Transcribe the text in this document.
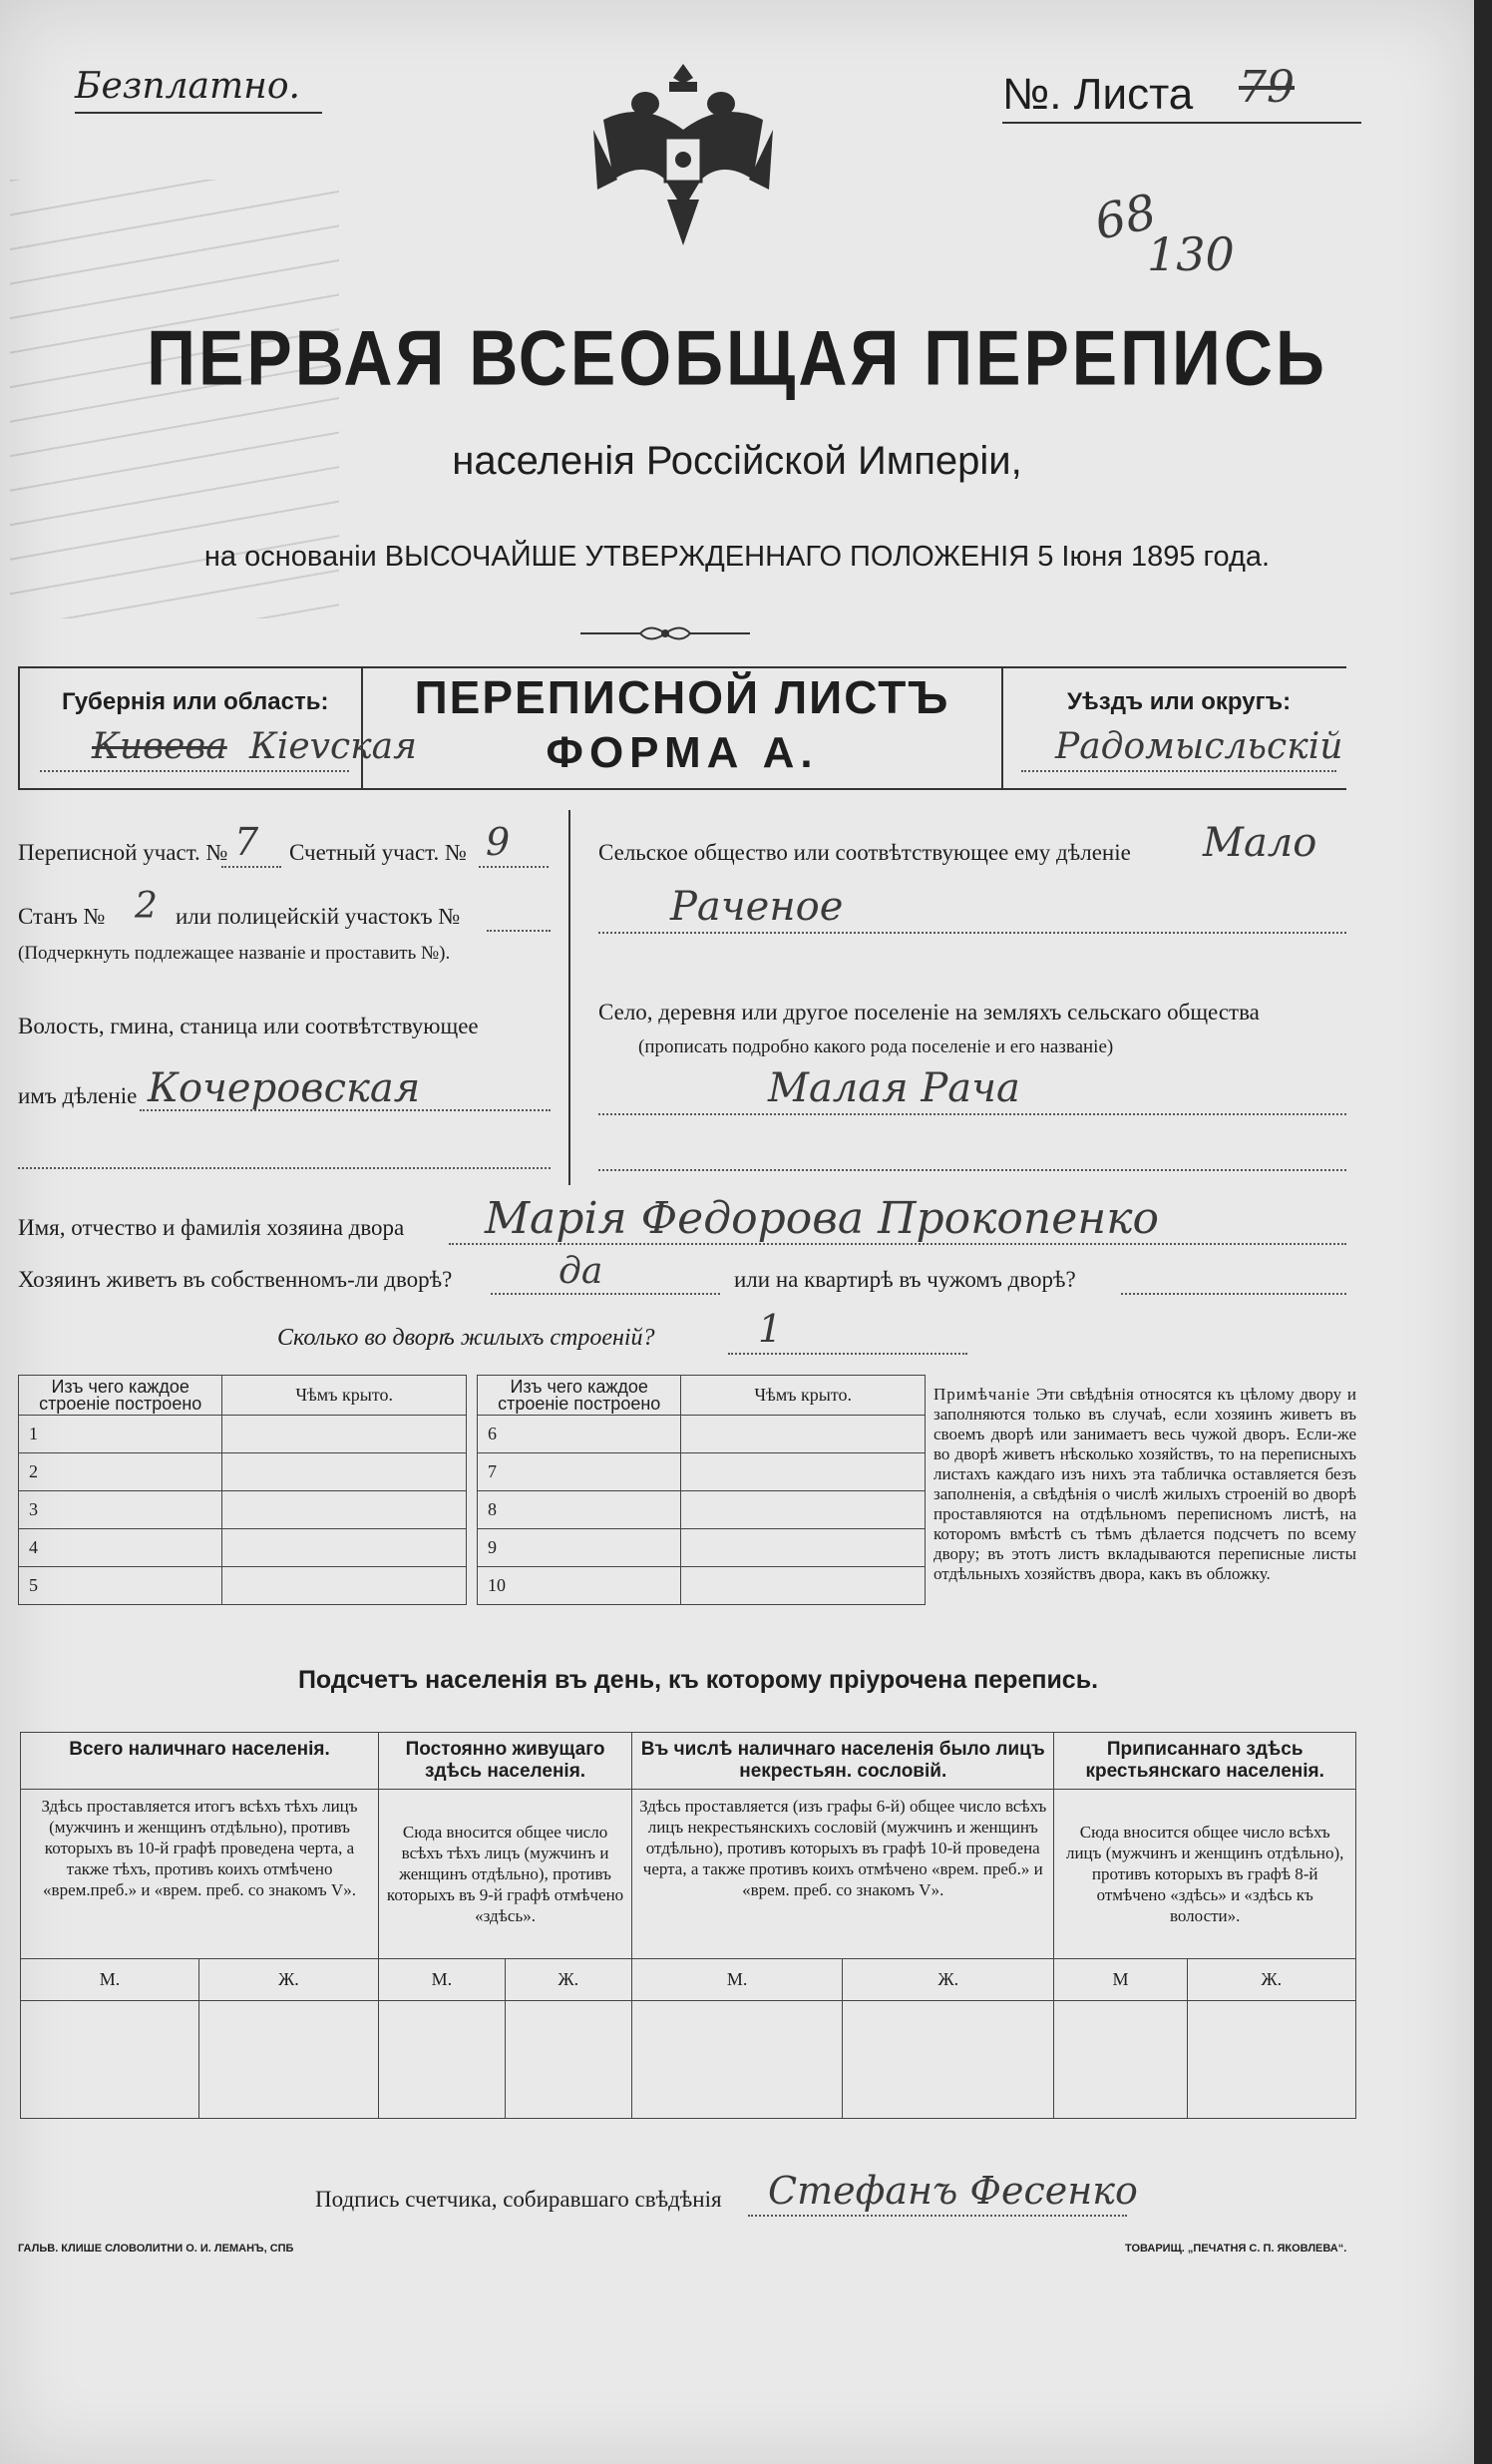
Безплатно.	№. Листа 79
68
130
ПЕРВАЯ ВСЕОБЩАЯ ПЕРЕПИСЬ
населенія Россійской Имперіи,
на основаніи ВЫСОЧАЙШЕ УТВЕРЖДЕННАГО ПОЛОЖЕНІЯ 5 Іюня 1895 года.
Губернія или область:
Кивева Кievская
ПЕРЕПИСНОЙ ЛИСТЪ
ФОРМА А.
Уѣздъ или округъ:
Радомысльскій
Переписной участ. № 7 Счетный участ. № 9
Станъ № 2 или полицейскій участокъ №
(Подчеркнуть подлежащее названіе и проставить №).
Волость, гмина, станица или соотвѣтствующее
имъ дѣленіе Кочеровская
Сельское общество или соотвѣтствующее ему дѣленіе Мало
Раченое
Село, деревня или другое поселеніе на земляхъ сельскаго общества
(прописать подробно какого рода поселеніе и его названіе)
Малая Рача
Имя, отчество и фамилія хозяина двора Марія Федорова Прокопенко
Хозяинъ живетъ въ собственномъ-ли дворѣ?	да	или на квартирѣ въ чужомъ дворѣ?
Сколько во дворѣ жилыхъ строеній?	1
Изъ чего каждое строеніе построено	Чѣмъ крыто.		Изъ чего каждое строеніе построено	Чѣмъ крыто.
1			6	
2			7	
3			8	
4			9	
5			10	
Примѣчаніе Эти свѣдѣнія относятся къ цѣлому двору и заполняются только въ случаѣ, если хозяинъ живетъ въ своемъ дворѣ или занимаетъ весь чужой дворъ. Если-же во дворѣ живетъ нѣсколько хозяйствъ, то на переписныхъ листахъ каждаго изъ нихъ эта табличка оставляется безъ заполненія, а свѣдѣнія о числѣ жилыхъ строеній во дворѣ проставляются на отдѣльномъ переписномъ листѣ, на которомъ вмѣстѣ съ тѣмъ дѣлается подсчетъ по всему двору; въ этотъ листъ вкладываются переписные листы отдѣльныхъ хозяйствъ двора, какъ въ обложку.
Подсчетъ населенія въ день, къ которому пріурочена перепись.
Всего наличнаго населенія.		Постоянно живущаго здѣсь населенія.		Въ числѣ наличнаго населенія было лицъ некрестьян. сословій.		Приписаннаго здѣсь крестьянскаго населенія.	
Здѣсь проставляется итогъ всѣхъ тѣхъ лицъ (мужчинъ и женщинъ отдѣльно), противъ которыхъ въ 10-й графѣ проведена черта, а также тѣхъ, противъ коихъ отмѣчено «врем.преб.» и «врем. преб. со знакомъ V».		Сюда вносится общее число всѣхъ тѣхъ лицъ (мужчинъ и женщинъ отдѣльно), противъ которыхъ въ 9-й графѣ отмѣчено «здѣсь».		Здѣсь проставляется (изъ графы 6-й) общее число всѣхъ лицъ некрестьянскихъ сословій (мужчинъ и женщинъ отдѣльно), противъ которыхъ въ графѣ 10-й проведена черта, а также противъ коихъ отмѣчено «врем. преб.» и «врем. преб. со знакомъ V».		Сюда вносится общее число всѣхъ лицъ (мужчинъ и женщинъ отдѣльно), противъ которыхъ въ графѣ 8-й отмѣчено «здѣсь» и «здѣсь къ волости».	
М.	Ж.	М.	Ж.	М.	Ж.	М	Ж.

Подпись счетчика, собиравшаго свѣдѣнія Стефанъ Фесенко
ГАЛЬВ. КЛИШЕ СЛОВОЛИТНИ О. И. ЛЕМАНЪ, СПБ	ТОВАРИЩ. „ПЕЧАТНЯ С. П. ЯКОВЛЕВА“.
